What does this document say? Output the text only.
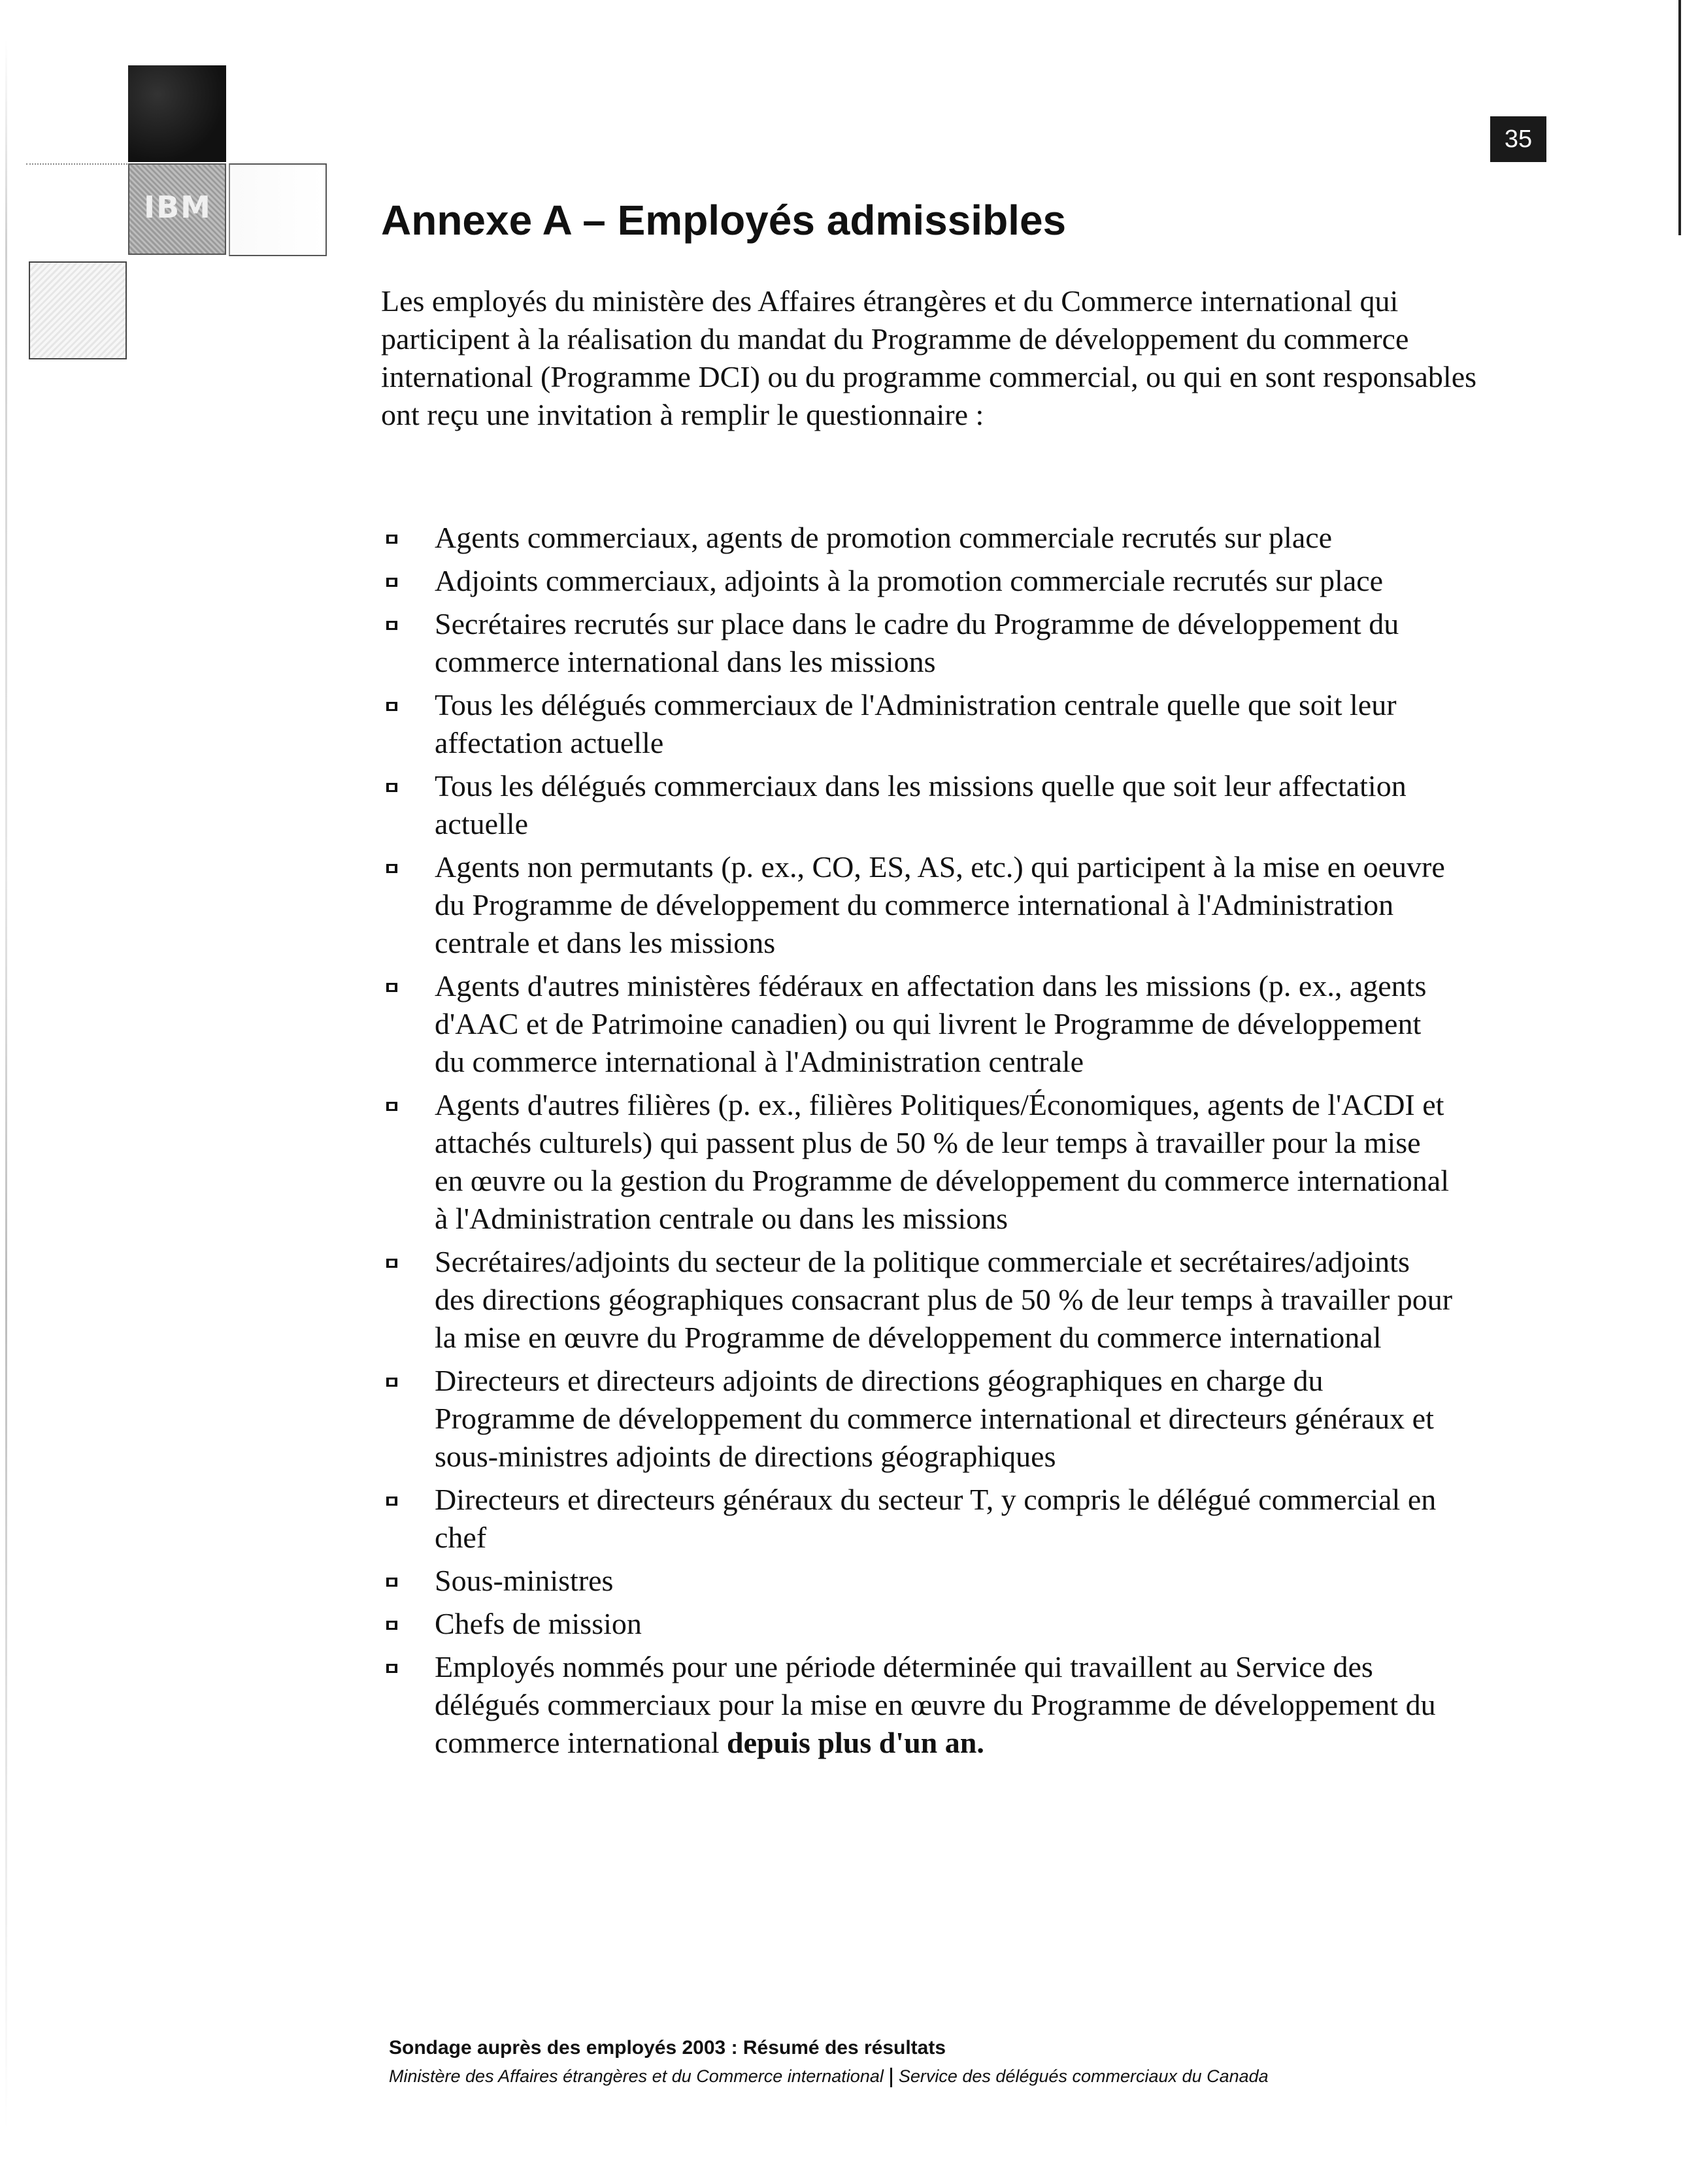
IBM
35
Annexe A – Employés admissibles

Les employés du ministère des Affaires étrangères et du Commerce international qui participent à la réalisation du mandat du Programme de développement du commerce international (Programme DCI) ou du programme commercial, ou qui en sont responsables ont reçu une invitation à remplir le questionnaire :

Agents commerciaux, agents de promotion commerciale recrutés sur place
Adjoints commerciaux, adjoints à la promotion commerciale recrutés sur place
Secrétaires recrutés sur place dans le cadre du Programme de développement du commerce international dans les missions
Tous les délégués commerciaux de l'Administration centrale quelle que soit leur affectation actuelle
Tous les délégués commerciaux dans les missions quelle que soit leur affectation actuelle
Agents non permutants (p. ex., CO, ES, AS, etc.) qui participent à la mise en oeuvre du Programme de développement du commerce international à l'Administration centrale et dans les missions
Agents d'autres ministères fédéraux en affectation dans les missions (p. ex., agents d'AAC et de Patrimoine canadien) ou qui livrent le Programme de développement du commerce international à l'Administration centrale
Agents d'autres filières (p. ex., filières Politiques/Économiques, agents de l'ACDI et attachés culturels) qui passent plus de 50 % de leur temps à travailler pour la mise en œuvre ou la gestion du Programme de développement du commerce international à l'Administration centrale ou dans les missions
Secrétaires/adjoints du secteur de la politique commerciale et secrétaires/adjoints des directions géographiques consacrant plus de 50 % de leur temps à travailler pour la mise en œuvre du Programme de développement du commerce international
Directeurs et directeurs adjoints de directions géographiques en charge du Programme de développement du commerce international et directeurs généraux et sous-ministres adjoints de directions géographiques
Directeurs et directeurs généraux du secteur T, y compris le délégué commercial en chef
Sous-ministres
Chefs de mission
Employés nommés pour une période déterminée qui travaillent au Service des délégués commerciaux pour la mise en œuvre du Programme de développement du commerce international depuis plus d'un an.
Sondage auprès des employés 2003 : Résumé des résultats
Ministère des Affaires étrangères et du Commerce international Service des délégués commerciaux du Canada
